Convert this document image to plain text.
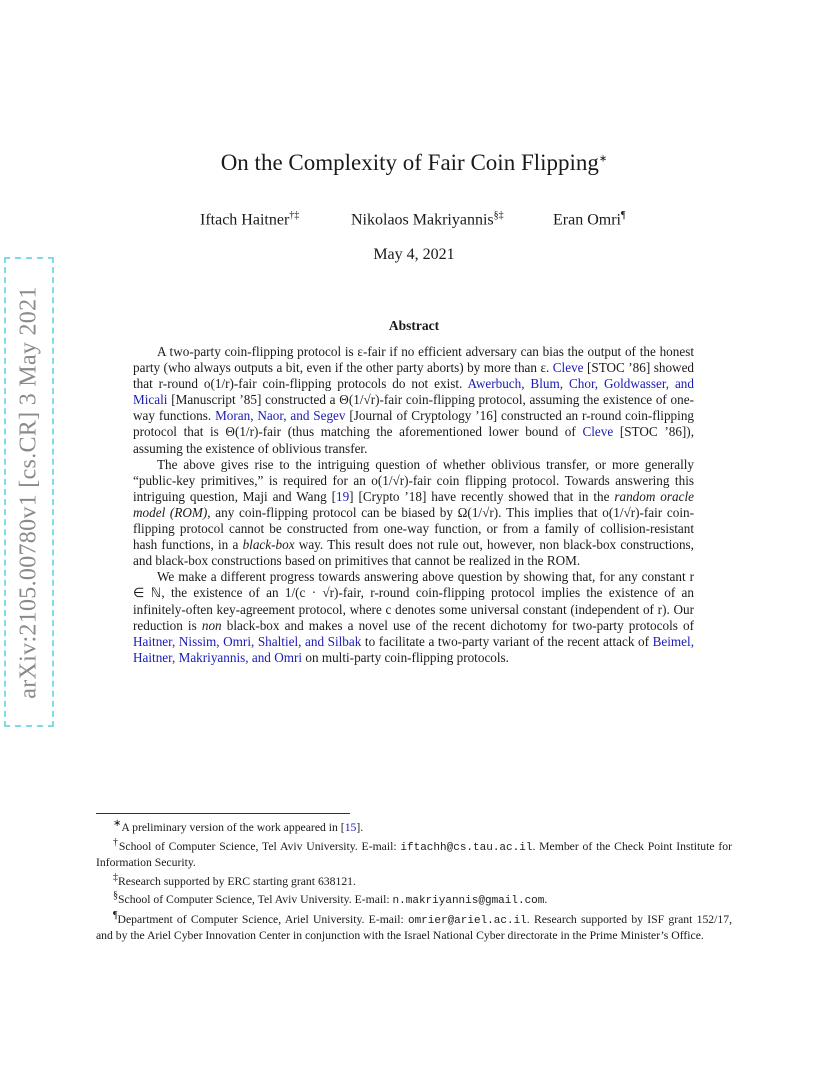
arXiv:2105.00780v1 [cs.CR] 3 May 2021
On the Complexity of Fair Coin Flipping∗
Iftach Haitner†‡	Nikolaos Makriyannis§‡	Eran Omri¶
May 4, 2021
Abstract

A two-party coin-flipping protocol is ε-fair if no efficient adversary can bias the output of the honest party (who always outputs a bit, even if the other party aborts) by more than ε. Cleve [STOC ’86] showed that r-round o(1/r)-fair coin-flipping protocols do not exist. Awerbuch, Blum, Chor, Goldwasser, and Micali [Manuscript ’85] constructed a Θ(1/√r)-fair coin-flipping protocol, assuming the existence of one-way functions. Moran, Naor, and Segev [Journal of Cryptology ’16] constructed an r-round coin-flipping protocol that is Θ(1/r)-fair (thus matching the aforementioned lower bound of Cleve [STOC ’86]), assuming the existence of oblivious transfer.

The above gives rise to the intriguing question of whether oblivious transfer, or more generally “public-key primitives,” is required for an o(1/√r)-fair coin flipping protocol. Towards answering this intriguing question, Maji and Wang [19] [Crypto ’18] have recently showed that in the random oracle model (ROM), any coin-flipping protocol can be biased by Ω(1/√r). This implies that o(1/√r)-fair coin-flipping protocol cannot be constructed from one-way function, or from a family of collision-resistant hash functions, in a black-box way. This result does not rule out, however, non black-box constructions, and black-box constructions based on primitives that cannot be realized in the ROM.

We make a different progress towards answering above question by showing that, for any constant r ∈ ℕ, the existence of an 1/(c · √r)-fair, r-round coin-flipping protocol implies the existence of an infinitely-often key-agreement protocol, where c denotes some universal constant (independent of r). Our reduction is non black-box and makes a novel use of the recent dichotomy for two-party protocols of Haitner, Nissim, Omri, Shaltiel, and Silbak to facilitate a two-party variant of the recent attack of Beimel, Haitner, Makriyannis, and Omri on multi-party coin-flipping protocols.

∗A preliminary version of the work appeared in [15].

†School of Computer Science, Tel Aviv University. E-mail: iftachh@cs.tau.ac.il. Member of the Check Point Institute for Information Security.

‡Research supported by ERC starting grant 638121.

§School of Computer Science, Tel Aviv University. E-mail: n.makriyannis@gmail.com.

¶Department of Computer Science, Ariel University. E-mail: omrier@ariel.ac.il. Research supported by ISF grant 152/17, and by the Ariel Cyber Innovation Center in conjunction with the Israel National Cyber directorate in the Prime Minister’s Office.
